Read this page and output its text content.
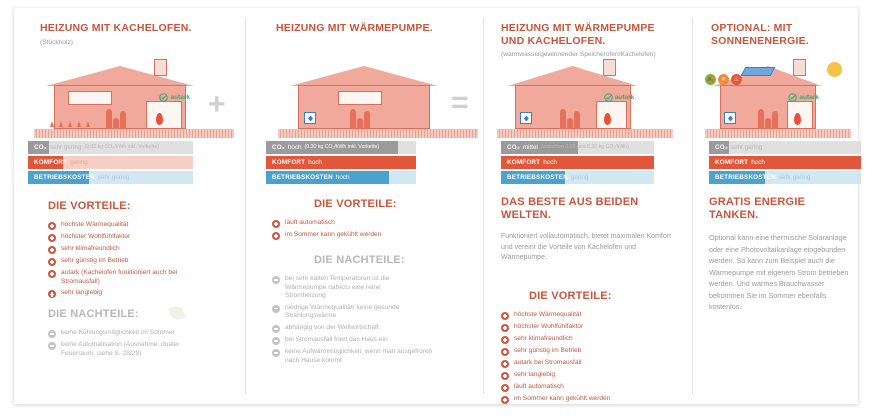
+	=
HEIZUNG MIT KACHELOFEN.
(Stückholz)
autark
CO₂ sehr gering (0.02 kg CO₂/kWh inkl. Vorkette)
KOMFORT gering
BETRIEBSKOSTEN sehr gering
DIE VORTEILE:
höchste Wärmequalität
höchster Wohlfühlfaktor
sehr klimafreundlich
sehr günstig im Betrieb
autark (Kachelofen funktioniert auch bei Stromausfall)
sehr langlebig
DIE NACHTEILE:
keine Kühlungsmöglichkeit im Sommer
keine Automatisation (Ausnahme: dualer Feuerraum, siehe S. 28/29)
HEIZUNG MIT WÄRMEPUMPE.
CO₂ hoch (0.30 kg CO₂/kWh inkl. Vorkette)
KOMFORT hoch
BETRIEBSKOSTEN hoch
DIE VORTEILE:
läuft automatisch
im Sommer kann gekühlt werden
DIE NACHTEILE:
bei sehr kalten Temperaturen ist die Wärmepumpe nahezu eine reine Stromheizung
niedrige Wärmequalität/ keine gesunde Strahlungswärme
abhängig von der Weltwirtschaft
bei Stromausfall friert das Haus ein
keine Aufwärmmöglichkeit, wenn man ausgefroren nach Hause kommt
HEIZUNG MIT WÄRMEPUMPE UND KACHELOFEN.
(warmwassergewinnender Speicherofen/Kachelofen)
autark
CO₂ mittel (zwischen 0.02 und 0.30 kg CO₂/kWh)
KOMFORT hoch
BETRIEBSKOSTEN gering
DAS BESTE AUS BEIDEN WELTEN.
Funktioniert vollautomatisch, bietet maximalen Komfort und vereint die Vorteile von Kachelofen und Wärmepumpe.
DIE VORTEILE:
höchste Wärmequalität
höchster Wohlfühlfaktor
sehr klimafreundlich
sehr günstig im Betrieb
autark bei Stromausfall
sehr langlebig
läuft automatisch
im Sommer kann gekühlt werden
OPTIONAL: MIT SONNENENERGIE.
🍂	☀	♨
autark
CO₂ sehr gering
KOMFORT hoch
BETRIEBSKOSTEN sehr gering
GRATIS ENERGIE TANKEN.
Optional kann eine thermische Solaranlage oder eine Photovoltaikanlage eingebunden werden. So kann zum Beispiel auch die Wärmepumpe mit eigenem Strom betrieben werden. Und warmes Brauchwasser bekommen Sie im Sommer ebenfalls kostenlos.
